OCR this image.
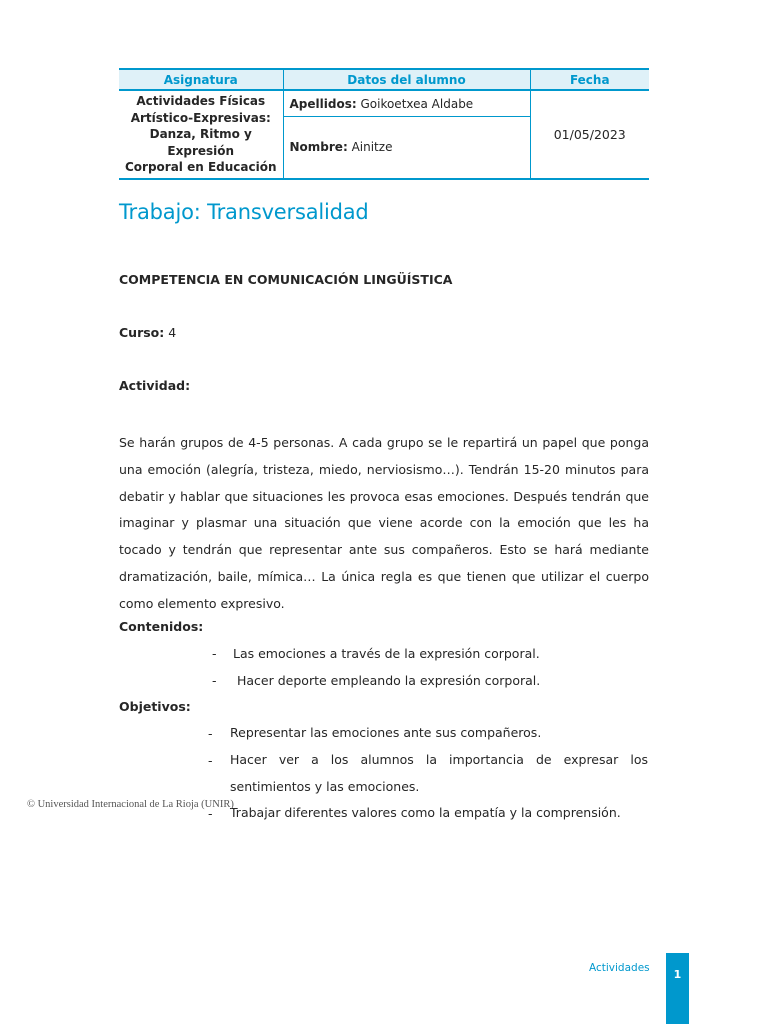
Asignatura	Datos del alumno	Fecha

Actividades Físicas
Artístico-Expresivas:
Danza, Ritmo y Expresión
Corporal en Educación	Apellidos: Goikoetxea Aldabe	01/05/2023
	Nombre: Ainitze	
Trabajo: Transversalidad

COMPETENCIA EN COMUNICACIÓN LINGÜÍSTICA

Curso: 4

Actividad:

Se harán grupos de 4-5 personas. A cada grupo se le repartirá un papel que ponga una emoción (alegría, tristeza, miedo, nerviosismo…). Tendrán 15-20 minutos para debatir y hablar que situaciones les provoca esas emociones. Después tendrán que imaginar y plasmar una situación que viene acorde con la emoción que les ha tocado y tendrán que representar ante sus compañeros. Esto se hará mediante dramatización, baile, mímica… La única regla es que tienen que utilizar el cuerpo como elemento expresivo.

Contenidos:

- Las emociones a través de la expresión corporal.
- Hacer deporte empleando la expresión corporal.

Objetivos:

- Representar las emociones ante sus compañeros.
- Hacer ver a los alumnos la importancia de expresar los sentimientos y las emociones.
- Trabajar diferentes valores como la empatía y la comprensión.

© Universidad Internacional de La Rioja (UNIR)

Actividades	1
